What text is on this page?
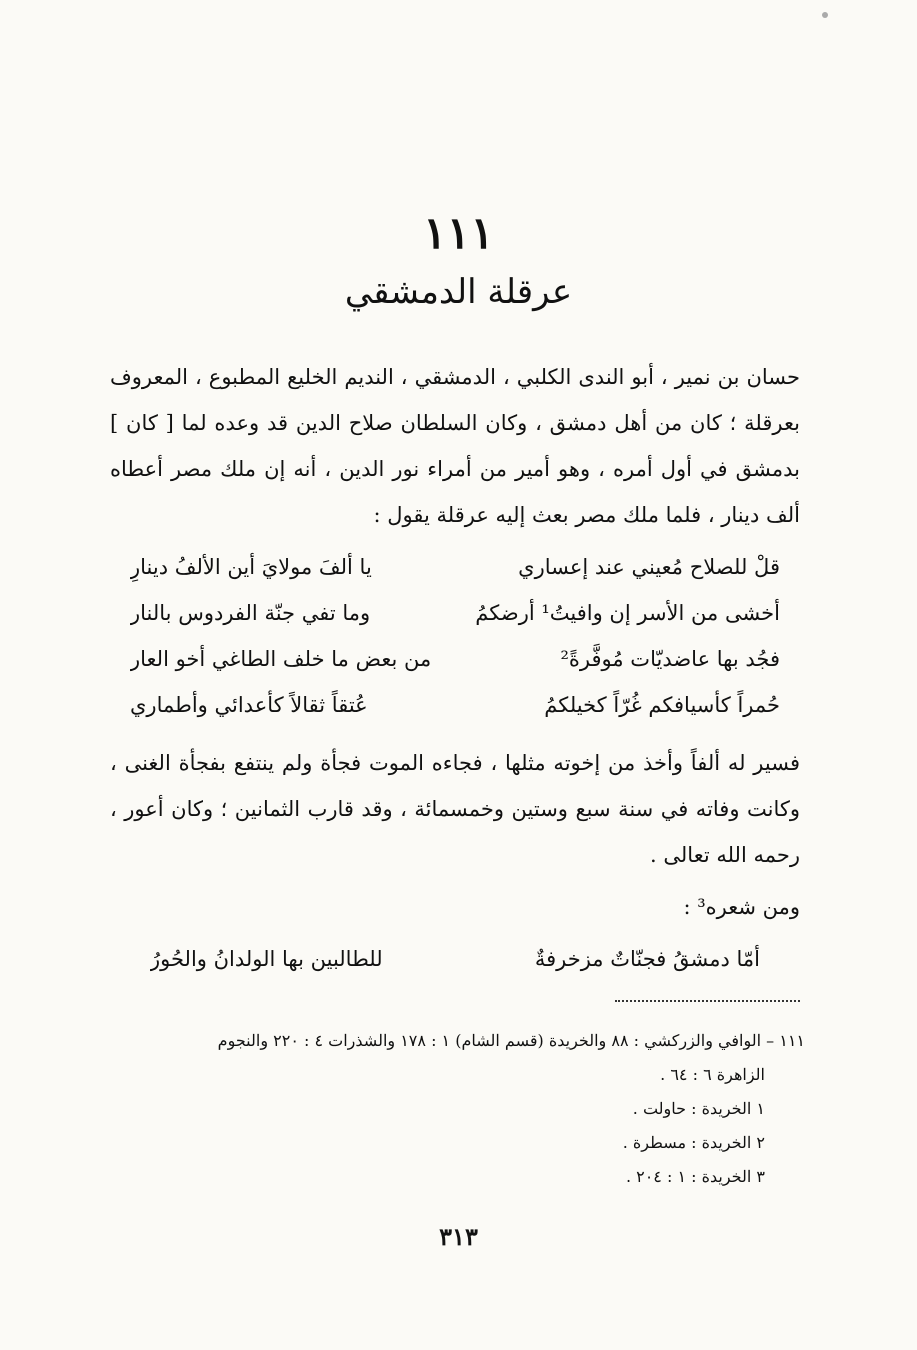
١١١
عرقلة الدمشقي

حسان بن نمير ، أبو الندى الكلبي ، الدمشقي ، النديم الخليع المطبوع ، المعروف بعرقلة ؛ كان من أهل دمشق ، وكان السلطان صلاح الدين قد وعده لما [ كان ] بدمشق في أول أمره ، وهو أمير من أمراء نور الدين ، أنه إن ملك مصر أعطاه ألف دينار ، فلما ملك مصر بعث إليه عرقلة يقول :

قلْ للصلاح مُعيني عند إعساري
يا ألفَ مولايَ أين الألفُ دينارِ
أخشى من الأسر إن وافيتُ¹ أرضكمُ
وما تفي جنّة الفردوس بالنار
فجُد بها عاضديّات مُوفَّرةً²
من بعض ما خلف الطاغي أخو العار
حُمراً كأسيافكم غُرّاً كخيلكمُ
عُتقاً ثقالاً كأعدائي وأطماري

فسير له ألفاً وأخذ من إخوته مثلها ، فجاءه الموت فجأة ولم ينتفع بفجأة الغنى ، وكانت وفاته في سنة سبع وستين وخمسمائة ، وقد قارب الثمانين ؛ وكان أعور ، رحمه الله تعالى .

ومن شعره³ :

أمّا دمشقُ فجنّاتٌ مزخرفةٌ
للطالبين بها الولدانُ والحُورُ
١١١ – الوافي والزركشي : ٨٨ والخريدة (قسم الشام) ١ : ١٧٨ والشذرات ٤ : ٢٢٠ والنجوم
الزاهرة ٦ : ٦٤ .
١ الخريدة : حاولت .
٢ الخريدة : مسطرة .
٣ الخريدة : ١ : ٢٠٤ .
٣١٣
